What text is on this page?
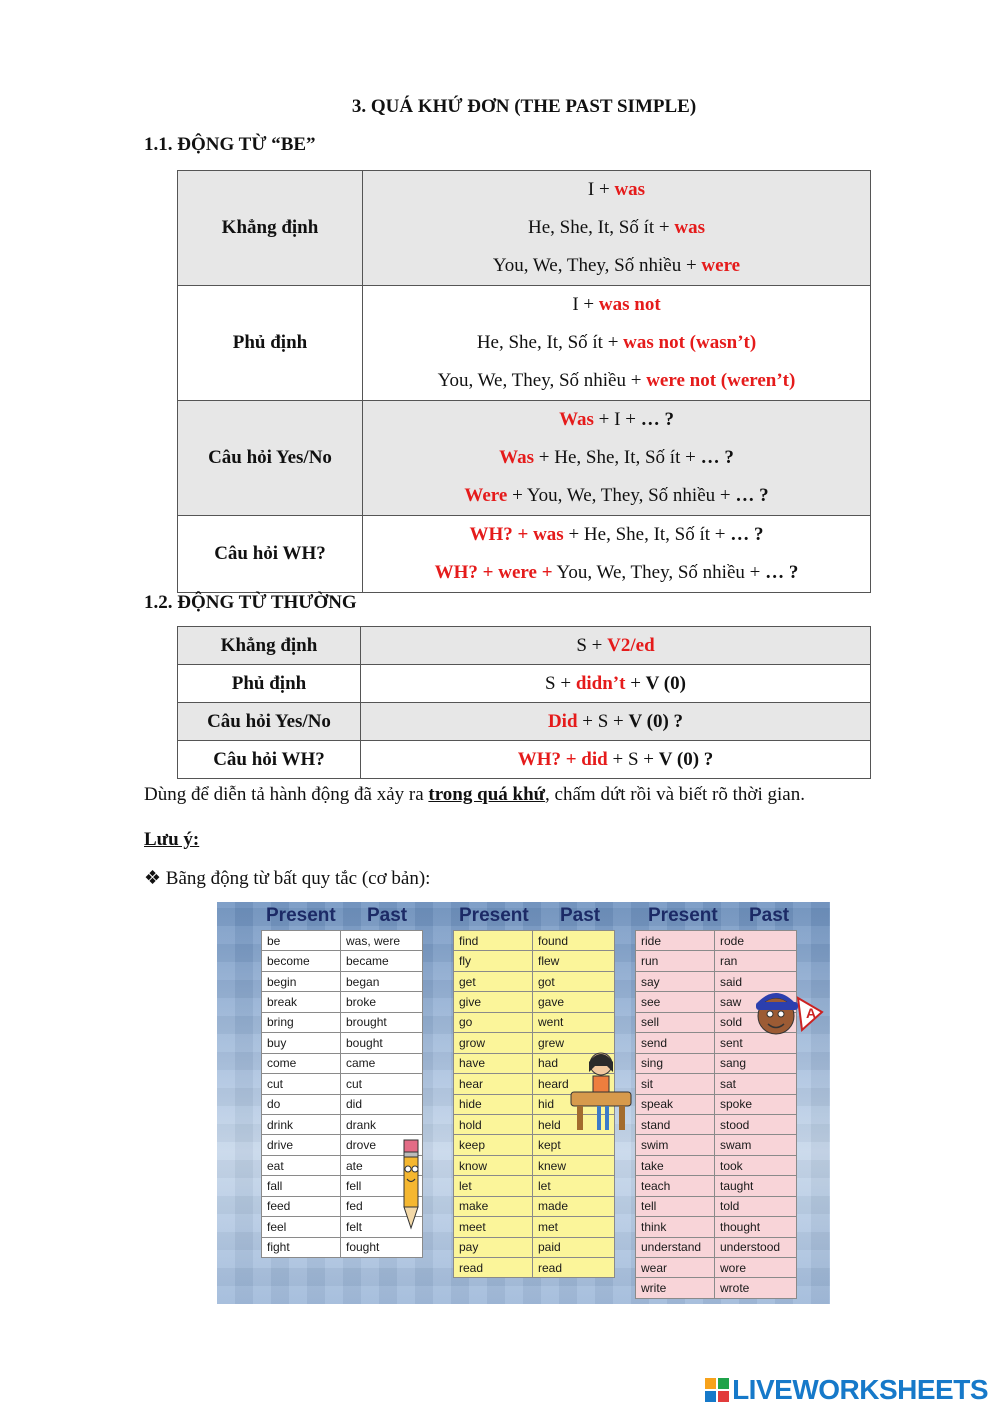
3. QUÁ KHỨ ĐƠN (THE PAST SIMPLE)
1.1. ĐỘNG TỪ “BE”
Khẳng định	I + was
He, She, It, Số ít + was
You, We, They, Số nhiều + were

Phủ định	I + was not
He, She, It, Số ít + was not (wasn’t)
You, We, They, Số nhiều + were not (weren’t)

Câu hỏi Yes/No	Was + I + … ?
Was + He, She, It, Số ít + … ?
Were + You, We, They, Số nhiều + … ?

Câu hỏi WH?	WH? + was + He, She, It, Số ít + … ?
WH? + were + You, We, They, Số nhiều + … ?
1.2. ĐỘNG TỪ THƯỜNG
Khẳng định	S + V2/ed
Phủ định	S + didn’t + V (0)
Câu hỏi Yes/No	Did + S + V (0) ?
Câu hỏi WH?	WH? + did + S + V (0) ?
Dùng để diễn tả hành động đã xảy ra trong quá khứ, chấm dứt rồi và biết rõ thời gian.
Lưu ý:
❖ Bãng động từ bất quy tắc (cơ bản):
Present Past	Present Past	Present Past
be	was, were
become	became
begin	began
break	broke
bring	brought
buy	bought
come	came
cut	cut
do	did
drink	drank
drive	drove
eat	ate
fall	fell
feed	fed
feel	felt
fight	fought
find	found
fly	flew
get	got
give	gave
go	went
grow	grew
have	had
hear	heard
hide	hid
hold	held
keep	kept
know	knew
let	let
make	made
meet	met
pay	paid
read	read
ride	rode
run	ran
say	said
see	saw
sell	sold
send	sent
sing	sang
sit	sat
speak	spoke
stand	stood
swim	swam
take	took
teach	taught
tell	told
think	thought
understand	understood
wear	wore
write	wrote
A
LIVEWORKSHEETS
